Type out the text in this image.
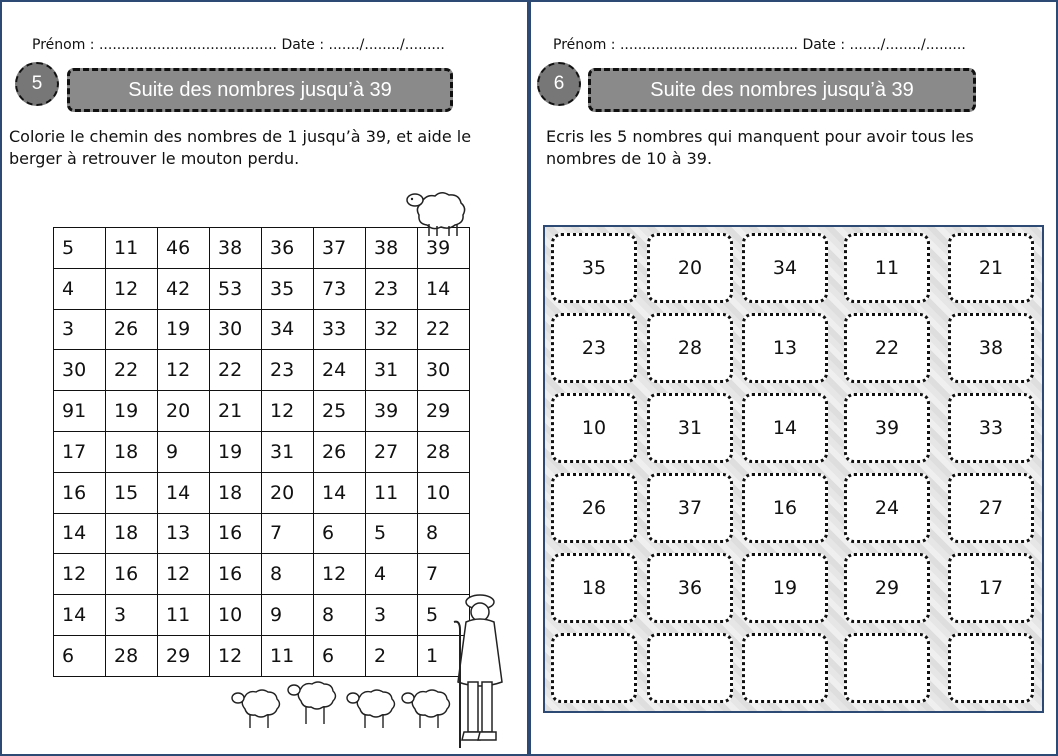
Prénom : ........................................ Date : ......./......../.........
5	Suite des nombres jusqu’à 39
Colorie le chemin des nombres de 1 jusqu’à 39, et aide le
berger à retrouver le mouton perdu.
5	11	46	38	36	37	38	39
4	12	42	53	35	73	23	14
3	26	19	30	34	33	32	22
30	22	12	22	23	24	31	30
91	19	20	21	12	25	39	29
17	18	9	19	31	26	27	28
16	15	14	18	20	14	11	10
14	18	13	16	7	6	5	8
12	16	12	16	8	12	4	7
14	3	11	10	9	8	3	5
6	28	29	12	11	6	2	1
Prénom : ........................................ Date : ......./......../.........
6	Suite des nombres jusqu’à 39
Ecris les 5 nombres qui manquent pour avoir tous les
nombres de 10 à 39.
35	20	34	11	21
23	28	13	22	38
10	31	14	39	33
26	37	16	24	27
18	36	19	29	17
